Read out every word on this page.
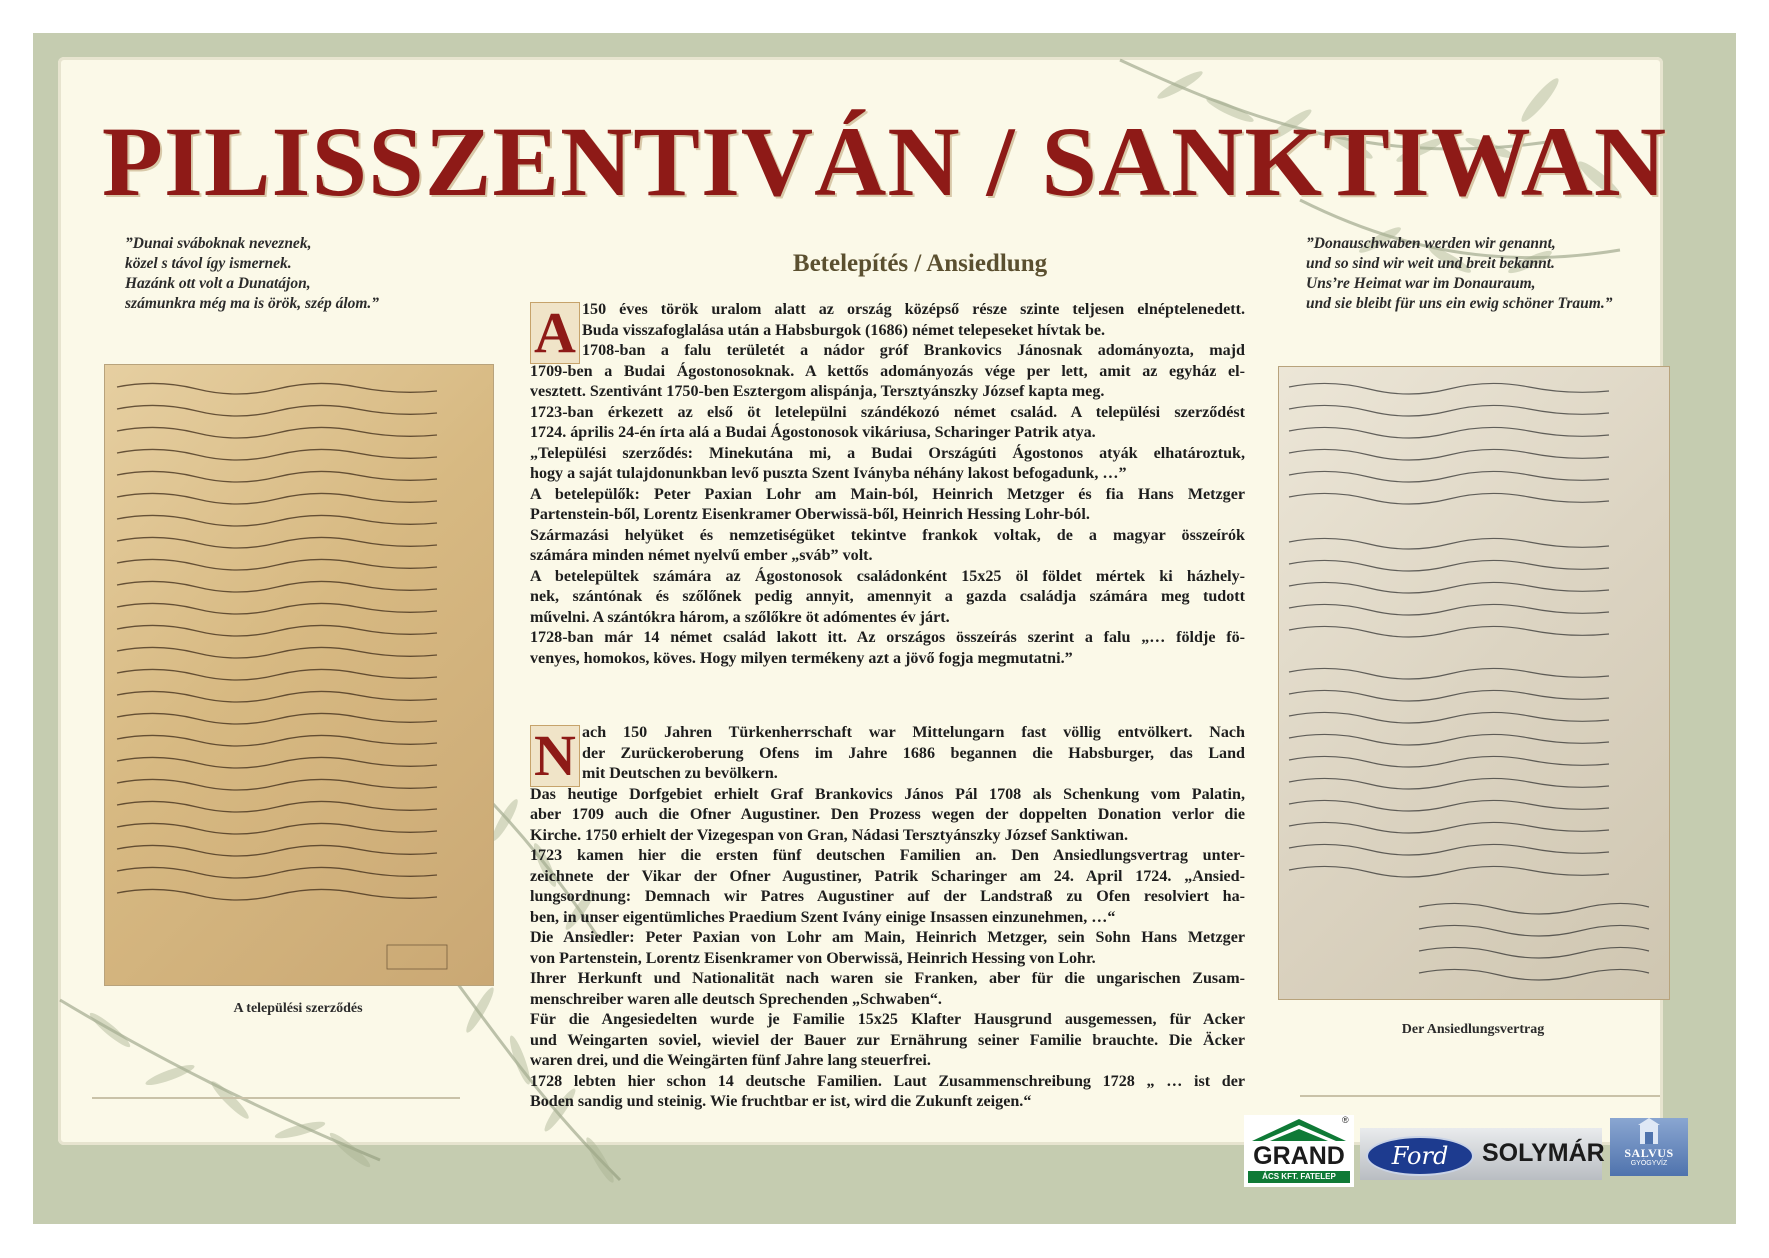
PILISSZENTIVÁN / SANKTIWAN
”Dunai sváboknak neveznek,
közel s távol így ismernek.
Hazánk ott volt a Dunatájon,
számunkra még ma is örök, szép álom.”
”Donauschwaben werden wir genannt,
und so sind wir weit und breit bekannt.
Uns’re Heimat war im Donauraum,
und sie bleibt für uns ein ewig schöner Traum.”
Betelepítés / Ansiedlung

A települési szerződés

Der Ansiedlungsvertrag

A 150 éves török uralom alatt az ország középső része szinte teljesen elnéptelenedett.
Buda visszafoglalása után a Habsburgok (1686) német telepeseket hívtak be.
1708-ban a falu területét a nádor gróf Brankovics Jánosnak adományozta, majd
1709-ben a Budai Ágostonosoknak. A kettős adományozás vége per lett, amit az egyház el-
vesztett. Szentivánt 1750-ben Esztergom alispánja, Tersztyánszky József kapta meg.
1723-ban érkezett az első öt letelepülni szándékozó német család. A települési szerződést
1724. április 24-én írta alá a Budai Ágostonosok vikáriusa, Scharinger Patrik atya.
„Települési szerződés: Minekutána mi, a Budai Országúti Ágostonos atyák elhatároztuk,
hogy a saját tulajdonunkban levő puszta Szent Iványba néhány lakost befogadunk, …”
A betelepülők: Peter Paxian Lohr am Main-ból, Heinrich Metzger és fia Hans Metzger
Partenstein-ből, Lorentz Eisenkramer Oberwissä-ből, Heinrich Hessing Lohr-ból.
Származási helyüket és nemzetiségüket tekintve frankok voltak, de a magyar összeírók
számára minden német nyelvű ember „sváb” volt.
A betelepültek számára az Ágostonosok családonként 15x25 öl földet mértek ki házhely-
nek, szántónak és szőlőnek pedig annyit, amennyit a gazda családja számára meg tudott
művelni. A szántókra három, a szőlőkre öt adómentes év járt.
1728-ban már 14 német család lakott itt. Az országos összeírás szerint a falu „… földje fö-
venyes, homokos, köves. Hogy milyen termékeny azt a jövő fogja megmutatni.”
N ach 150 Jahren Türkenherrschaft war Mittelungarn fast völlig entvölkert. Nach
der Zurückeroberung Ofens im Jahre 1686 begannen die Habsburger, das Land
mit Deutschen zu bevölkern.
Das heutige Dorfgebiet erhielt Graf Brankovics János Pál 1708 als Schenkung vom Palatin,
aber 1709 auch die Ofner Augustiner. Den Prozess wegen der doppelten Donation verlor die
Kirche. 1750 erhielt der Vizegespan von Gran, Nádasi Tersztyánszky József Sanktiwan.
1723 kamen hier die ersten fünf deutschen Familien an. Den Ansiedlungsvertrag unter-
zeichnete der Vikar der Ofner Augustiner, Patrik Scharinger am 24. April 1724. „Ansied-
lungsordnung: Demnach wir Patres Augustiner auf der Landstraß zu Ofen resolviert ha-
ben, in unser eigentümliches Praedium Szent Ivány einige Insassen einzunehmen, …“
Die Ansiedler: Peter Paxian von Lohr am Main, Heinrich Metzger, sein Sohn Hans Metzger
von Partenstein, Lorentz Eisenkramer von Oberwissä, Heinrich Hessing von Lohr.
Ihrer Herkunft und Nationalität nach waren sie Franken, aber für die ungarischen Zusam-
menschreiber waren alle deutsch Sprechenden „Schwaben“.
Für die Angesiedelten wurde je Familie 15x25 Klafter Hausgrund ausgemessen, für Acker
und Weingarten soviel, wieviel der Bauer zur Ernährung seiner Familie brauchte. Die Äcker
waren drei, und die Weingärten fünf Jahre lang steuerfrei.
1728 lebten hier schon 14 deutsche Familien. Laut Zusammenschreibung 1728 „ … ist der
Boden sandig und steinig. Wie fruchtbar er ist, wird die Zukunft zeigen.“
®
GRAND
ÁCS KFT. FATELEP
Ford	SOLYMÁR	SALVUS
GYÓGYVÍZ
